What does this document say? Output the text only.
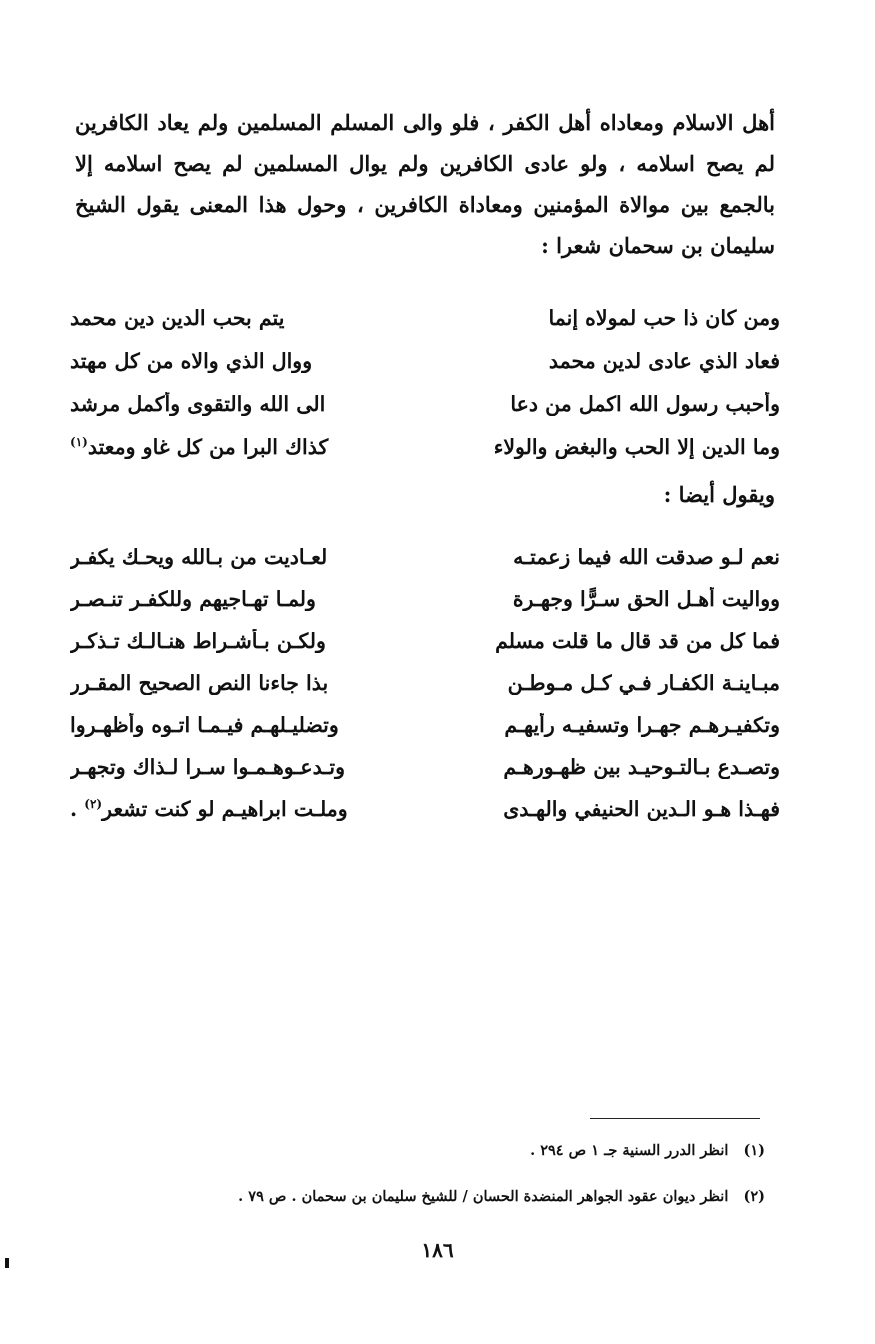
أهل الاسلام ومعاداه أهل الكفر ، فلو والى المسلم المسلمين ولم يعاد الكافرين لم يصح اسلامه ، ولو عادى الكافرين ولم يوال المسلمين لم يصح اسلامه إلا بالجمع بين موالاة المؤمنين ومعاداة الكافرين ، وحول هذا المعنى يقول الشيخ سليمان بن سحمان شعرا :

ومن كان ذا حب لمولاه إنما
يتم بحب الدين دين محمد
فعاد الذي عادى لدين محمد
ووال الذي والاه من كل مهتد
وأحبب رسول الله اكمل من دعا
الى الله والتقوى وأكمل مرشد
وما الدين إلا الحب والبغض والولاء
كذاك البرا من كل غاو ومعتد$^{(١)}$
ويقول أيضا :
نعم لـو صدقت الله فيما زعمتـه
لعـاديت من بـالله ويحـك يكفـر
وواليت أهـل الحق سـرًّا وجهـرة
ولمـا تهـاجيهم وللكفـر تنـصـر
فما كل من قد قال ما قلت مسلم
ولكـن بـأشـراط هنـالـك تـذكـر
مبـاينـة الكفـار فـي كـل مـوطـن
بذا جاءنا النص الصحيح المقـرر
وتكفيـرهـم جهـرا وتسفيـه رأيهـم
وتضليـلهـم فيـمـا اتـوه وأظهـروا
وتصـدع بـالتـوحيـد بين ظهـورهـم
وتـدعـوهـمـوا سـرا لـذاك وتجهـر
فهـذا هـو الـدين الحنيفي والهـدى
وملـت ابراهيـم لو كنت تشعر$^{(٢)}$ .
(١) انظر الدرر السنية جـ ١ ص ٢٩٤ .
(٢) انظر ديوان عقود الجواهر المنضدة الحسان / للشيخ سليمان بن سحمان . ص ٧٩ .
١٨٦
